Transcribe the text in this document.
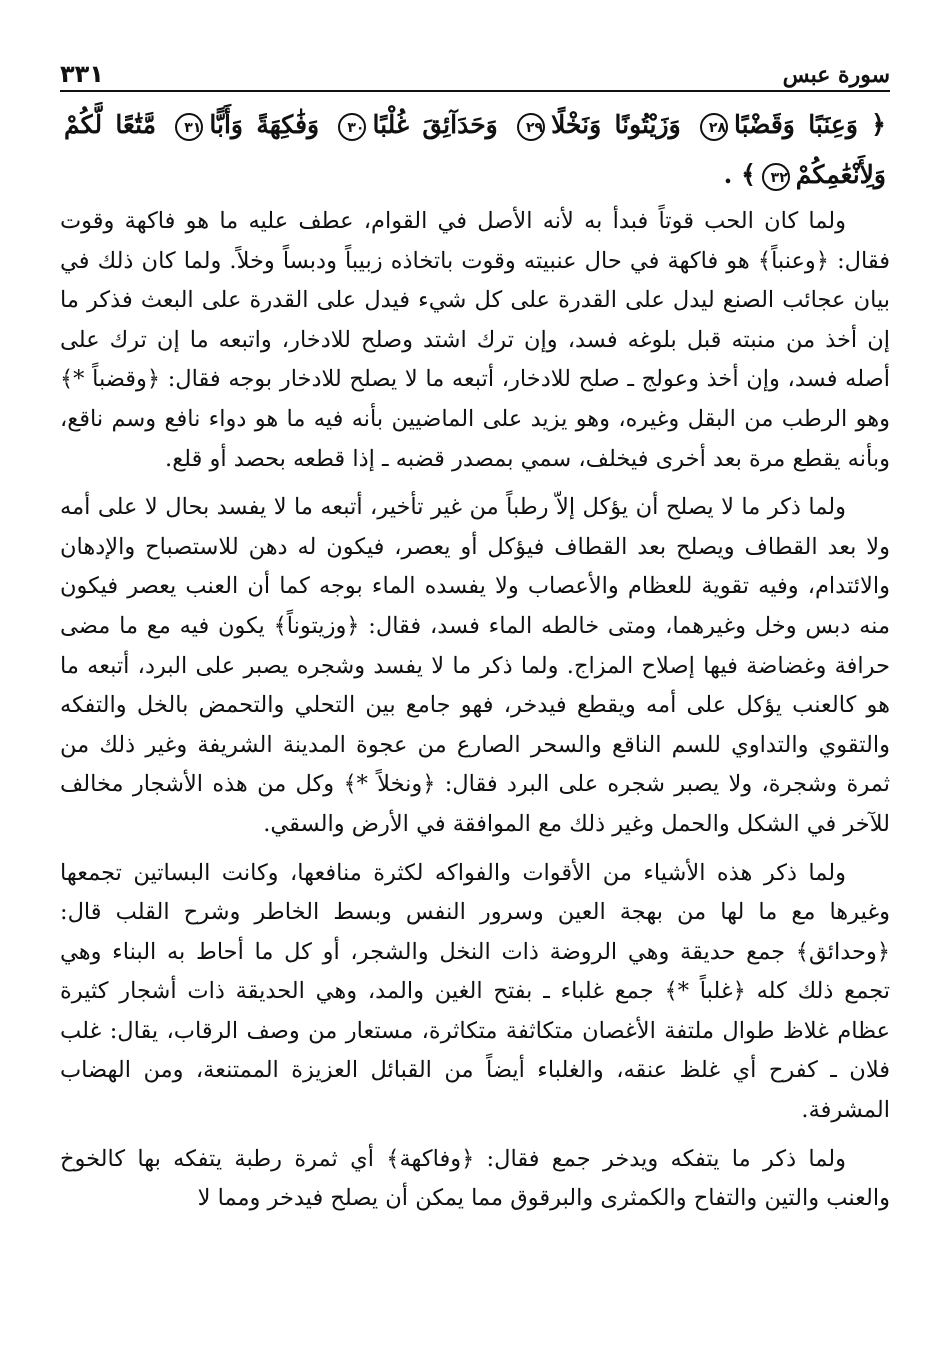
سورة عبس
٣٣١
﴿ وَعِنَبًا وَقَضْبًا٢٨ وَزَيْتُونًا وَنَخْلًا٢٩ وَحَدَآئِقَ غُلْبًا٣٠ وَفَٰكِهَةً وَأَبًّا٣١ مَّتَٰعًا لَّكُمْ وَلِأَنْعَٰمِكُمْ٣٢﴾ .

ولما كان الحب قوتاً فبدأ به لأنه الأصل في القوام، عطف عليه ما هو فاكهة وقوت فقال: ﴿وعنباً﴾ هو فاكهة في حال عنبيته وقوت باتخاذه زبيباً ودبساً وخلاً. ولما كان ذلك في بيان عجائب الصنع ليدل على القدرة على كل شيء فيدل على القدرة على البعث فذكر ما إن أخذ من منبته قبل بلوغه فسد، وإن ترك اشتد وصلح للادخار، واتبعه ما إن ترك على أصله فسد، وإن أخذ وعولج ـ صلح للادخار، أتبعه ما لا يصلح للادخار بوجه فقال: ﴿وقضباً *﴾ وهو الرطب من البقل وغيره، وهو يزيد على الماضيين بأنه فيه ما هو دواء نافع وسم ناقع، وبأنه يقطع مرة بعد أخرى فيخلف، سمي بمصدر قضبه ـ إذا قطعه بحصد أو قلع.

ولما ذكر ما لا يصلح أن يؤكل إلاّ رطباً من غير تأخير، أتبعه ما لا يفسد بحال لا على أمه ولا بعد القطاف ويصلح بعد القطاف فيؤكل أو يعصر، فيكون له دهن للاستصباح والإدهان والائتدام، وفيه تقوية للعظام والأعصاب ولا يفسده الماء بوجه كما أن العنب يعصر فيكون منه دبس وخل وغيرهما، ومتى خالطه الماء فسد، فقال: ﴿وزيتوناً﴾ يكون فيه مع ما مضى حرافة وغضاضة فيها إصلاح المزاج. ولما ذكر ما لا يفسد وشجره يصبر على البرد، أتبعه ما هو كالعنب يؤكل على أمه ويقطع فيدخر، فهو جامع بين التحلي والتحمض بالخل والتفكه والتقوي والتداوي للسم الناقع والسحر الصارع من عجوة المدينة الشريفة وغير ذلك من ثمرة وشجرة، ولا يصبر شجره على البرد فقال: ﴿ونخلاً *﴾ وكل من هذه الأشجار مخالف للآخر في الشكل والحمل وغير ذلك مع الموافقة في الأرض والسقي.

ولما ذكر هذه الأشياء من الأقوات والفواكه لكثرة منافعها، وكانت البساتين تجمعها وغيرها مع ما لها من بهجة العين وسرور النفس وبسط الخاطر وشرح القلب قال: ﴿وحدائق﴾ جمع حديقة وهي الروضة ذات النخل والشجر، أو كل ما أحاط به البناء وهي تجمع ذلك كله ﴿غلباً *﴾ جمع غلباء ـ بفتح الغين والمد، وهي الحديقة ذات أشجار كثيرة عظام غلاظ طوال ملتفة الأغصان متكاثفة متكاثرة، مستعار من وصف الرقاب، يقال: غلب فلان ـ كفرح أي غلظ عنقه، والغلباء أيضاً من القبائل العزيزة الممتنعة، ومن الهضاب المشرفة.

ولما ذكر ما يتفكه ويدخر جمع فقال: ﴿وفاكهة﴾ أي ثمرة رطبة يتفكه بها كالخوخ والعنب والتين والتفاح والكمثرى والبرقوق مما يمكن أن يصلح فيدخر ومما لا
